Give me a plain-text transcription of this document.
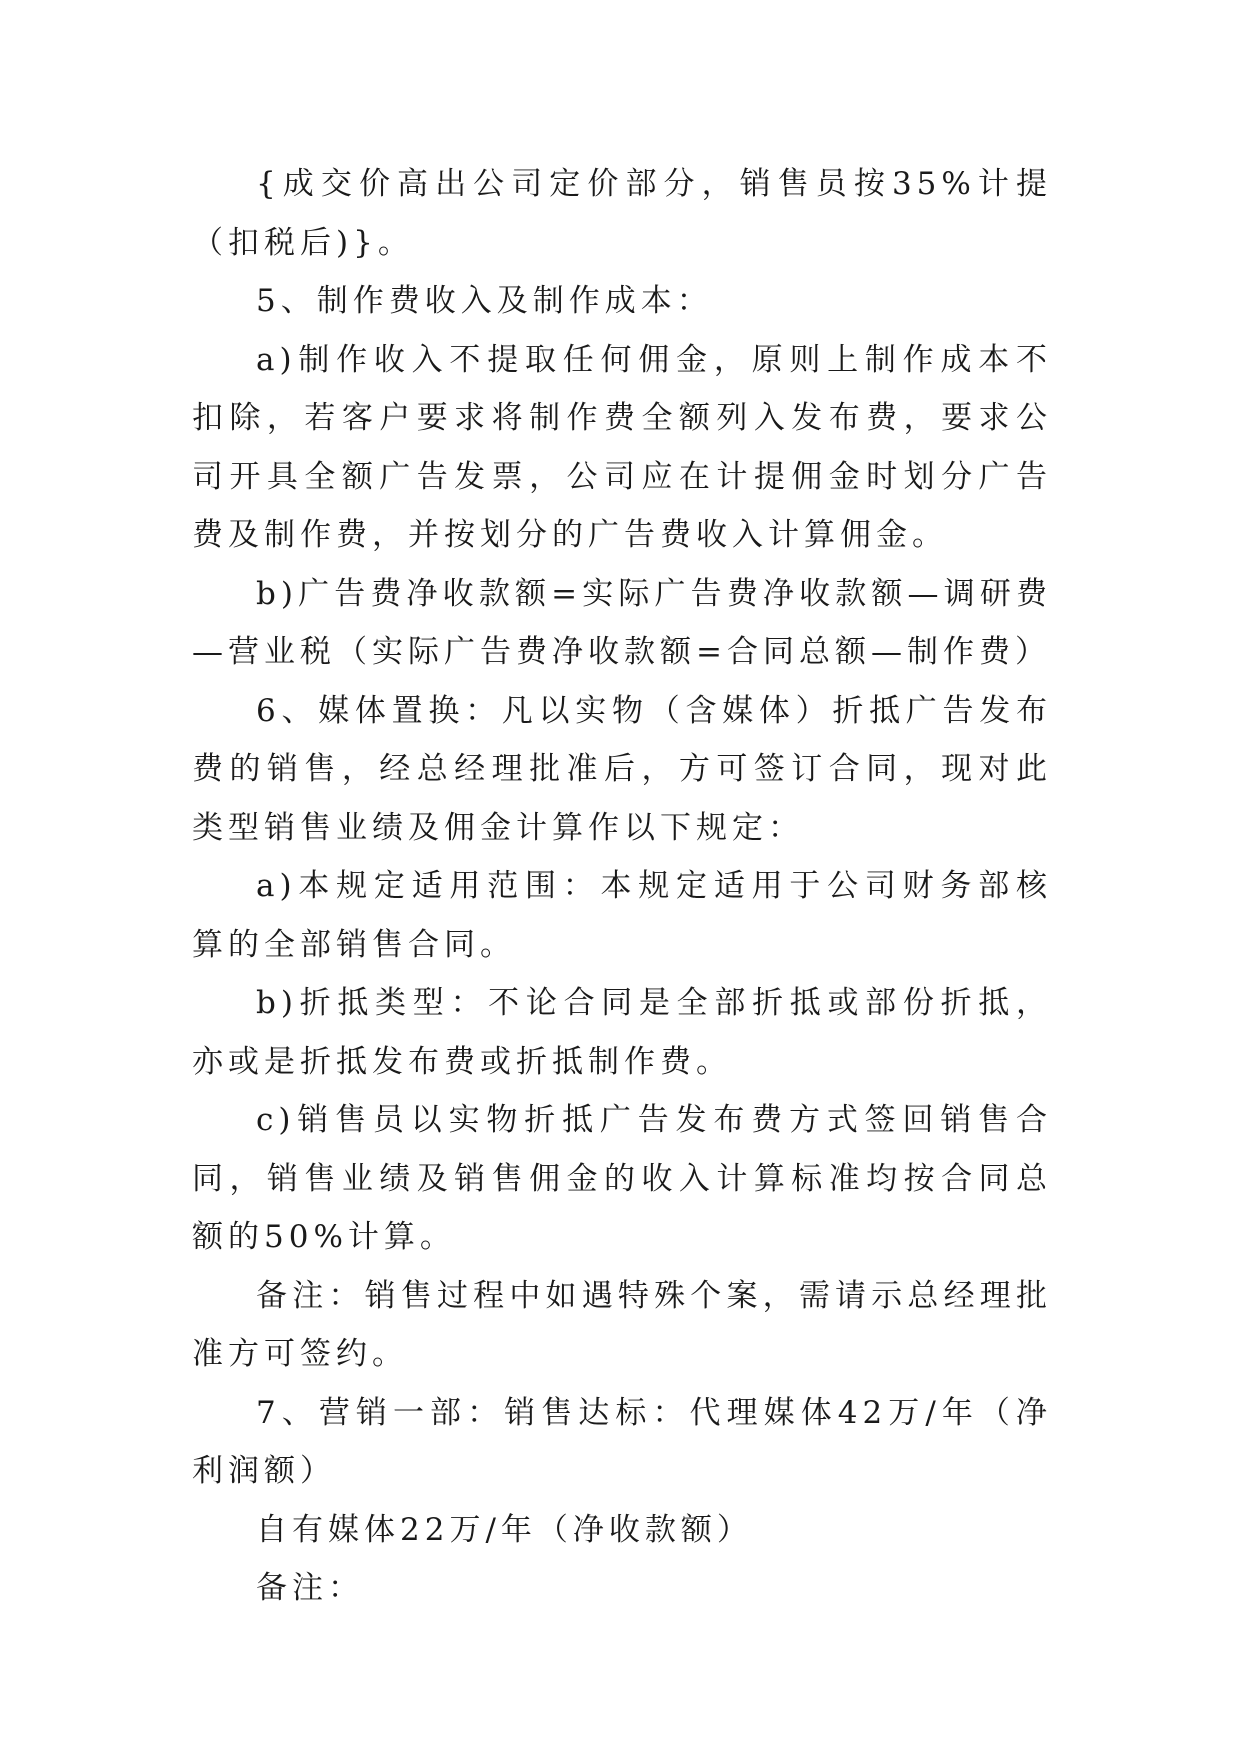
{成交价高出公司定价部分，销售员按35%计提（扣税后)}。

5、制作费收入及制作成本：

a)制作收入不提取任何佣金，原则上制作成本不扣除，若客户要求将制作费全额列入发布费，要求公司开具全额广告发票，公司应在计提佣金时划分广告费及制作费，并按划分的广告费收入计算佣金。

b)广告费净收款额=实际广告费净收款额—调研费—营业税（实际广告费净收款额=合同总额—制作费）

6、媒体置换：凡以实物（含媒体）折抵广告发布费的销售，经总经理批准后，方可签订合同，现对此类型销售业绩及佣金计算作以下规定：

a)本规定适用范围：本规定适用于公司财务部核算的全部销售合同。

b)折抵类型：不论合同是全部折抵或部份折抵，亦或是折抵发布费或折抵制作费。

c)销售员以实物折抵广告发布费方式签回销售合同，销售业绩及销售佣金的收入计算标准均按合同总额的50%计算。

备注：销售过程中如遇特殊个案，需请示总经理批准方可签约。

7、营销一部：销售达标：代理媒体42万/年（净利润额）

自有媒体22万/年（净收款额）

备注：
